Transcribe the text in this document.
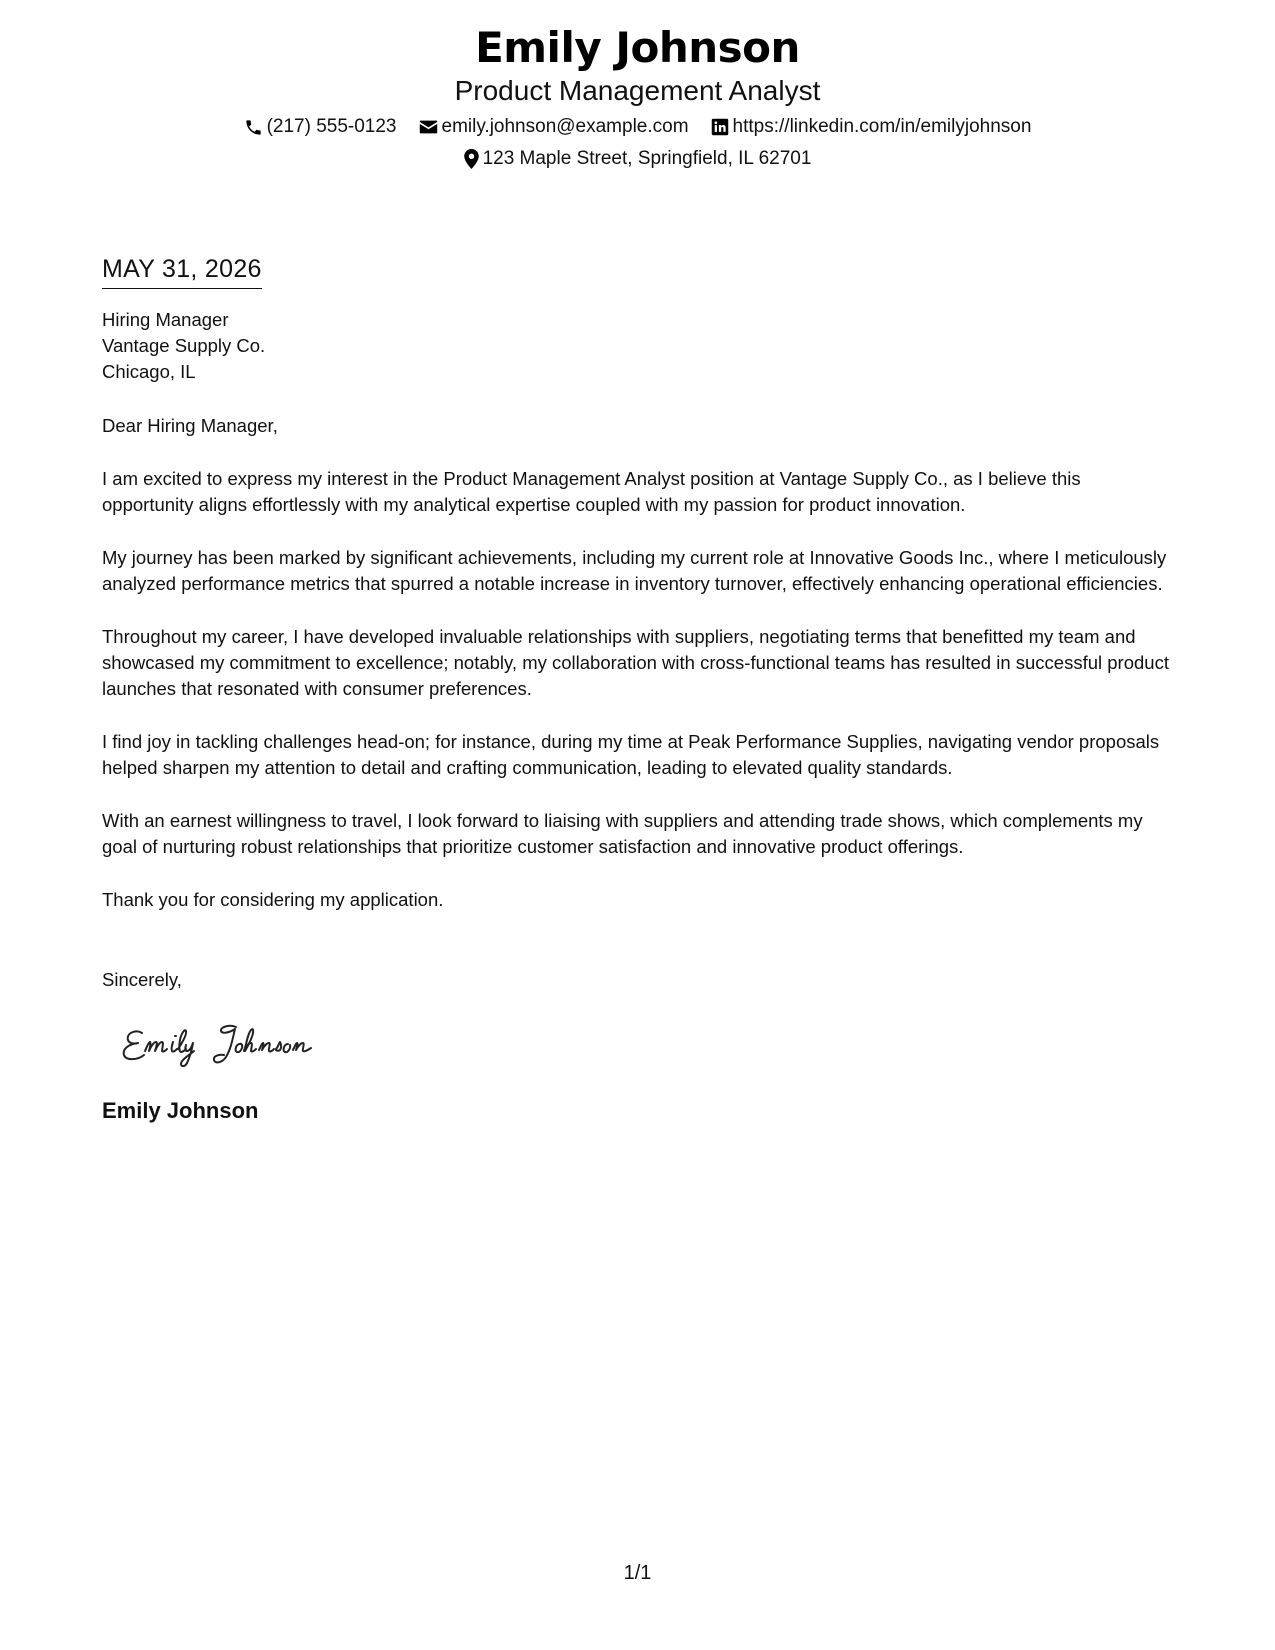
Emily Johnson
Product Management Analyst
(217) 555-0123 emily.johnson@example.com https://linkedin.com/in/emilyjohnson
123 Maple Street, Springfield, IL 62701
MAY 31, 2026
Hiring Manager
Vantage Supply Co.
Chicago, IL
Dear Hiring Manager,
I am excited to express my interest in the Product Management Analyst position at Vantage Supply Co., as I believe this opportunity aligns effortlessly with my analytical expertise coupled with my passion for product innovation.
My journey has been marked by significant achievements, including my current role at Innovative Goods Inc., where I meticulously analyzed performance metrics that spurred a notable increase in inventory turnover, effectively enhancing operational efficiencies.
Throughout my career, I have developed invaluable relationships with suppliers, negotiating terms that benefitted my team and showcased my commitment to excellence; notably, my collaboration with cross-functional teams has resulted in successful product launches that resonated with consumer preferences.
I find joy in tackling challenges head-on; for instance, during my time at Peak Performance Supplies, navigating vendor proposals helped sharpen my attention to detail and crafting communication, leading to elevated quality standards.
With an earnest willingness to travel, I look forward to liaising with suppliers and attending trade shows, which complements my goal of nurturing robust relationships that prioritize customer satisfaction and innovative product offerings.
Thank you for considering my application.
Sincerely,
Emily Johnson
1/1
